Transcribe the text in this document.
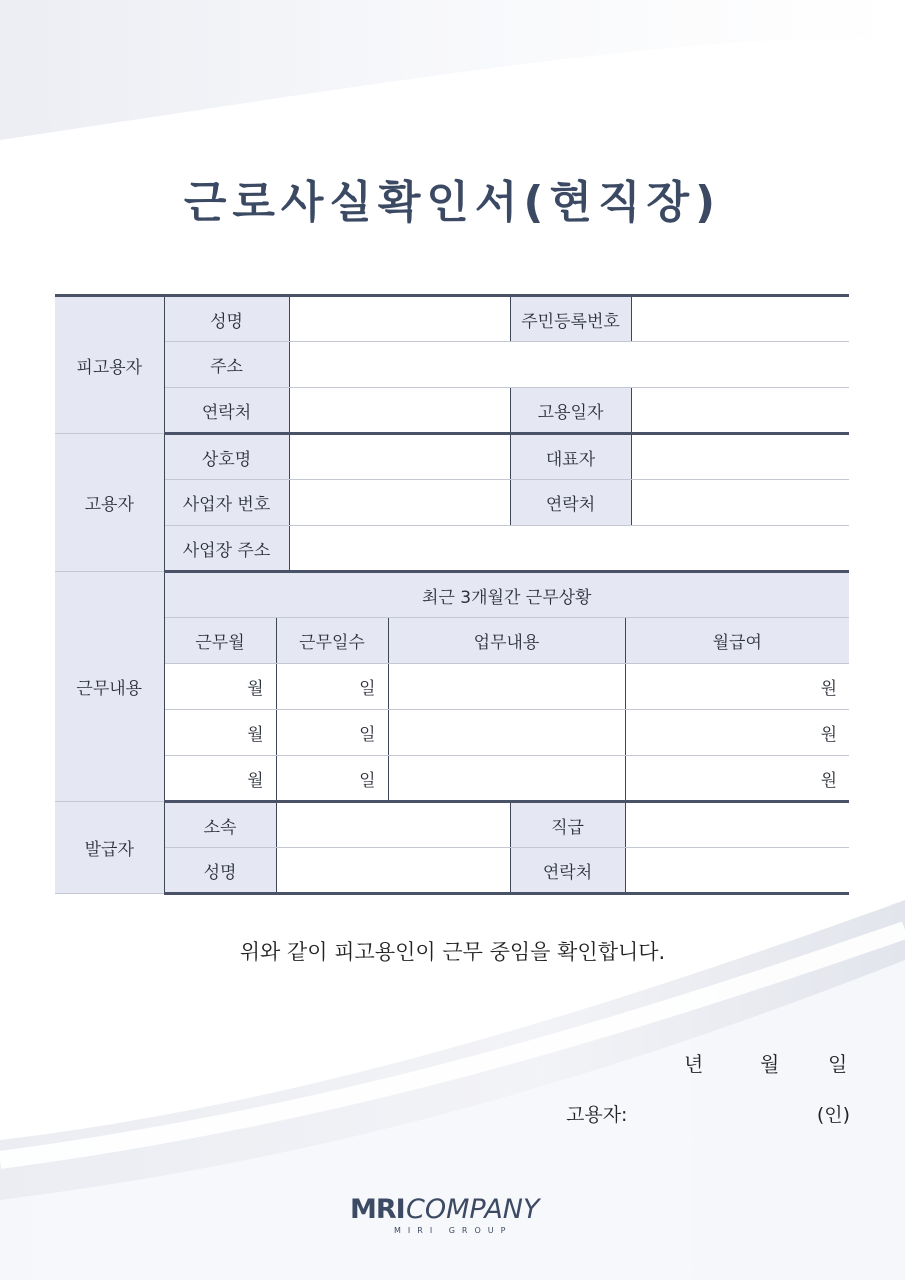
근로사실확인서(현직장)
피고용자	성명				주민등록번호		
	주소						
	연락처				고용일자		
고용자	상호명				대표자		
	사업자 번호				연락처		
	사업장 주소						
근무내용	최근 3개월간 근무상황						
	근무월	근무일수		업무내용		월급여	
	월	일				원	
	월	일				원	
	월	일				원	
발급자	소속				직급		
	성명				연락처		
위와 같이 피고용인이 근무 중임을 확인합니다.
년	월 일
고용자:	(인)
MRI COMPANY
MIRI GROUP
